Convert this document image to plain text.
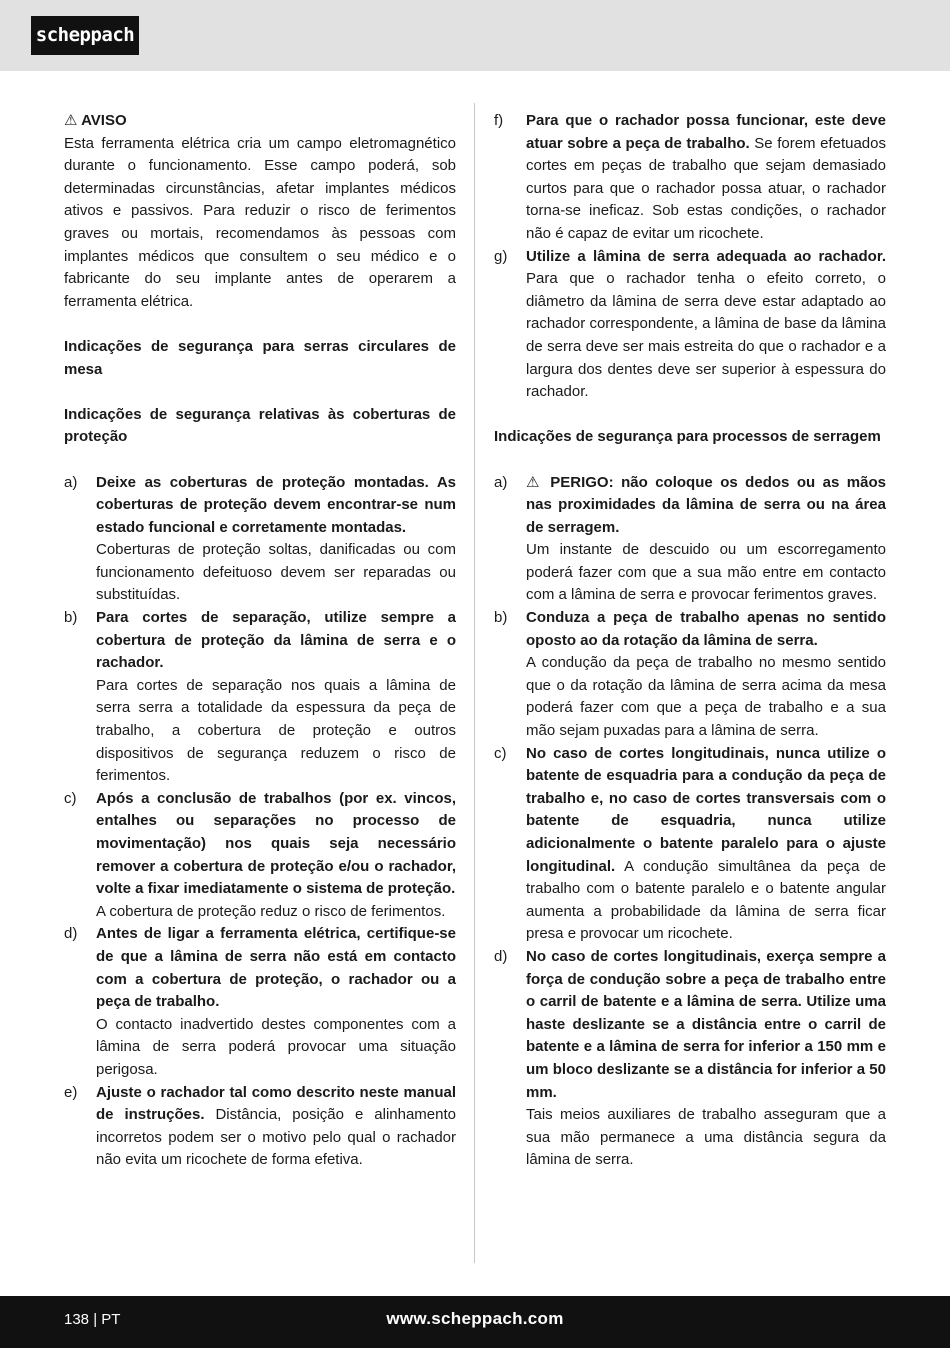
scheppach

⚠ AVISO

Esta ferramenta elétrica cria um campo eletromagnético durante o funcionamento. Esse campo poderá, sob determinadas circunstâncias, afetar implantes médicos ativos e passivos. Para reduzir o risco de ferimentos graves ou mortais, recomendamos às pessoas com implantes médicos que consultem o seu médico e o fabricante do seu implante antes de operarem a ferramenta elétrica.

Indicações de segurança para serras circulares de mesa

Indicações de segurança relativas às coberturas de proteção

a)	Deixe as coberturas de proteção montadas. As coberturas de proteção devem encontrar-se num estado funcional e corretamente montadas.
Coberturas de proteção soltas, danificadas ou com funcionamento defeituoso devem ser reparadas ou substituídas.
b)	Para cortes de separação, utilize sempre a cobertura de proteção da lâmina de serra e o rachador.
Para cortes de separação nos quais a lâmina de serra serra a totalidade da espessura da peça de trabalho, a cobertura de proteção e outros dispositivos de segurança reduzem o risco de ferimentos.
c)	Após a conclusão de trabalhos (por ex. vincos, entalhes ou separações no processo de movimentação) nos quais seja necessário remover a cobertura de proteção e/ou o rachador, volte a fixar imediatamente o sistema de proteção.
A cobertura de proteção reduz o risco de ferimentos.
d)	Antes de ligar a ferramenta elétrica, certifique-se de que a lâmina de serra não está em contacto com a cobertura de proteção, o rachador ou a peça de trabalho.
O contacto inadvertido destes componentes com a lâmina de serra poderá provocar uma situação perigosa.
e)	Ajuste o rachador tal como descrito neste manual de instruções. Distância, posição e alinhamento incorretos podem ser o motivo pelo qual o rachador não evita um ricochete de forma efetiva.
f)	Para que o rachador possa funcionar, este deve atuar sobre a peça de trabalho. Se forem efetuados cortes em peças de trabalho que sejam demasiado curtos para que o rachador possa atuar, o rachador torna-se ineficaz. Sob estas condições, o rachador não é capaz de evitar um ricochete.
g)	Utilize a lâmina de serra adequada ao rachador. Para que o rachador tenha o efeito correto, o diâmetro da lâmina de serra deve estar adaptado ao rachador correspondente, a lâmina de base da lâmina de serra deve ser mais estreita do que o rachador e a largura dos dentes deve ser superior à espessura do rachador.

Indicações de segurança para processos de serragem

a)	⚠ PERIGO: não coloque os dedos ou as mãos nas proximidades da lâmina de serra ou na área de serragem.
Um instante de descuido ou um escorregamento poderá fazer com que a sua mão entre em contacto com a lâmina de serra e provocar ferimentos graves.
b)	Conduza a peça de trabalho apenas no sentido oposto ao da rotação da lâmina de serra.
A condução da peça de trabalho no mesmo sentido que o da rotação da lâmina de serra acima da mesa poderá fazer com que a peça de trabalho e a sua mão sejam puxadas para a lâmina de serra.
c)	No caso de cortes longitudinais, nunca utilize o batente de esquadria para a condução da peça de trabalho e, no caso de cortes transversais com o batente de esquadria, nunca utilize adicionalmente o batente paralelo para o ajuste longitudinal. A condução simultânea da peça de trabalho com o batente paralelo e o batente angular aumenta a probabilidade da lâmina de serra ficar presa e provocar um ricochete.
d)	No caso de cortes longitudinais, exerça sempre a força de condução sobre a peça de trabalho entre o carril de batente e a lâmina de serra. Utilize uma haste deslizante se a distância entre o carril de batente e a lâmina de serra for inferior a 150 mm e um bloco deslizante se a distância for inferior a 50 mm.
Tais meios auxiliares de trabalho asseguram que a sua mão permanece a uma distância segura da lâmina de serra.
138 | PT	www.scheppach.com
